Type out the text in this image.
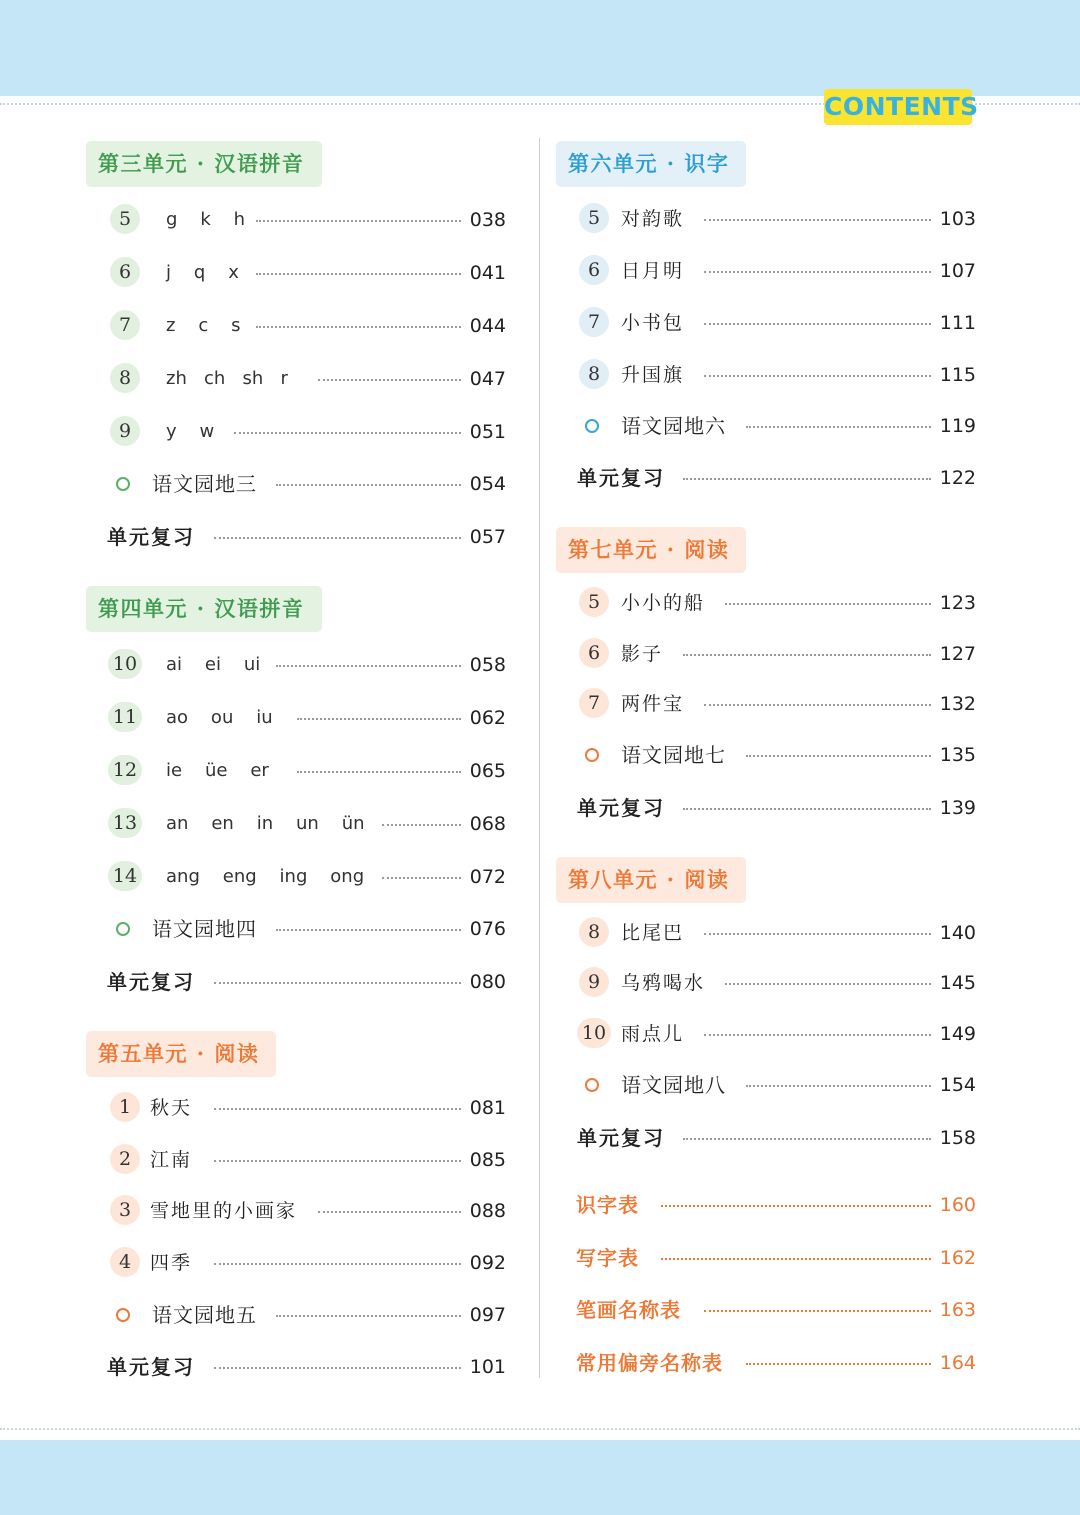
CONTENTS
第三单元 · 汉语拼音
5	g    k    h	038
6	j    q    x	041
7	z    c    s	044
8	zh   ch   sh   r	047
9	y    w	051
语文园地三	054
单元复习	057
第四单元 · 汉语拼音
10 ai    ei    ui	058
11 ao    ou    iu	062
12 ie    üe    er	065
13 an    en    in    un    ün	068
14 ang    eng    ing    ong	072
语文园地四	076
单元复习	080
第五单元 · 阅读
1 秋天	081
2 江南	085
3 雪地里的小画家	088
4 四季	092
语文园地五	097
单元复习	101
第六单元 · 识字
5	对韵歌	103
6	日月明	107
7	小书包	111
8	升国旗	115
语文园地六	119
单元复习	122
第七单元 · 阅读
5	小小的船	123
6	影子	127
7	两件宝	132
语文园地七	135
单元复习	139
第八单元 · 阅读
8	比尾巴	140
9	乌鸦喝水	145
10 雨点儿	149
语文园地八	154
单元复习	158
识字表	160
写字表	162
笔画名称表	163
常用偏旁名称表	164
